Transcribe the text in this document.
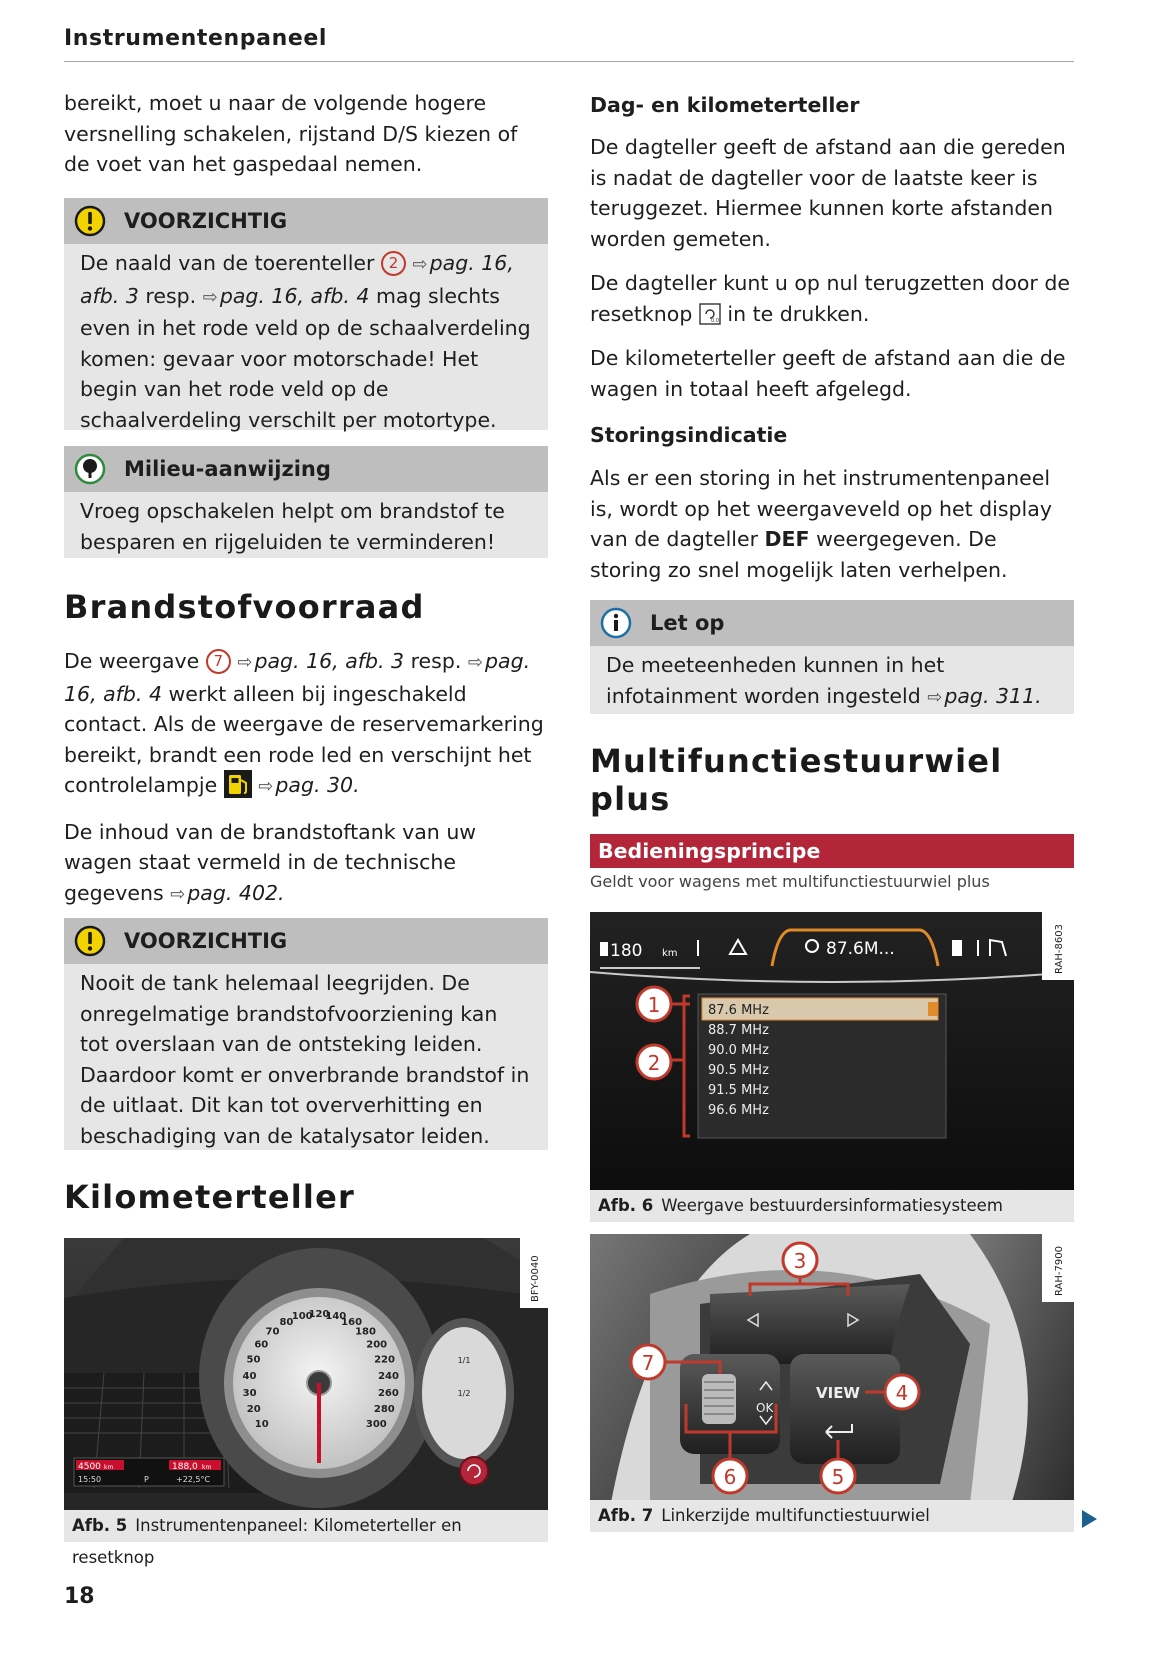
Instrumentenpaneel

bereikt, moet u naar de volgende hogere versnelling schakelen, rijstand D/S kiezen of de voet van het gaspedaal nemen.

VOORZICHTIG
De naald van de toerenteller 2 ⇨pag. 16, afb. 3 resp. ⇨pag. 16, afb. 4 mag slechts even in het rode veld op de schaalverdeling komen: gevaar voor motorschade! Het begin van het rode veld op de schaalverdeling verschilt per motortype.
Milieu-aanwijzing
Vroeg opschakelen helpt om brandstof te besparen en rijgeluiden te verminderen!
Brandstofvoorraad

De weergave 7 ⇨pag. 16, afb. 3 resp. ⇨pag. 16, afb. 4 werkt alleen bij ingeschakeld contact. Als de weergave de reservemarkering bereikt, brandt een rode led en verschijnt het controlelampje ⇨pag. 30.

De inhoud van de brandstoftank van uw wagen staat vermeld in de technische gegevens ⇨pag. 402.

VOORZICHTIG
Nooit de tank helemaal leegrijden. De onregelmatige brandstofvoorziening kan tot overslaan van de ontsteking leiden. Daardoor komt er onverbrande brandstof in de uitlaat. Dit kan tot oververhitting en beschadiging van de katalysator leiden.
Kilometerteller
10
20
30
40
50
60
70
80
100
120
140
160
180
200
220
240
260
280
300
1/1
1/2
4500 km
15:50	P
188,0 km
+22,5°C
BFY-0040
Afb. 5 Instrumentenpaneel: Kilometerteller en resetknop
Dag- en kilometerteller

De dagteller geeft de afstand aan die gereden is nadat de dagteller voor de laatste keer is teruggezet. Hiermee kunnen korte afstanden worden gemeten.

De dagteller kunt u op nul terugzetten door de resetknop	0.0 in te drukken.

De kilometerteller geeft de afstand aan die de wagen in totaal heeft afgelegd.

Storingsindicatie

Als er een storing in het instrumentenpaneel is, wordt op het weergaveveld op het display van de dagteller DEF weergegeven. De storing zo snel mogelijk laten verhelpen.

Let op
De meeteenheden kunnen in het infotainment worden ingesteld ⇨pag. 311.
Multifunctiestuurwiel plus
Bedieningsprincipe
Geldt voor wagens met multifunctiestuurwiel plus
180 km	87.6M...	RAH-8603
87.6 MHz
88.7 MHz
90.0 MHz
90.5 MHz
91.5 MHz
96.6 MHz
1
2
Afb. 6 Weergave bestuurdersinformatiesysteem
OK
VIEW
3
4
5
6
7
RAH-7900
Afb. 7 Linkerzijde multifunctiestuurwiel
18
